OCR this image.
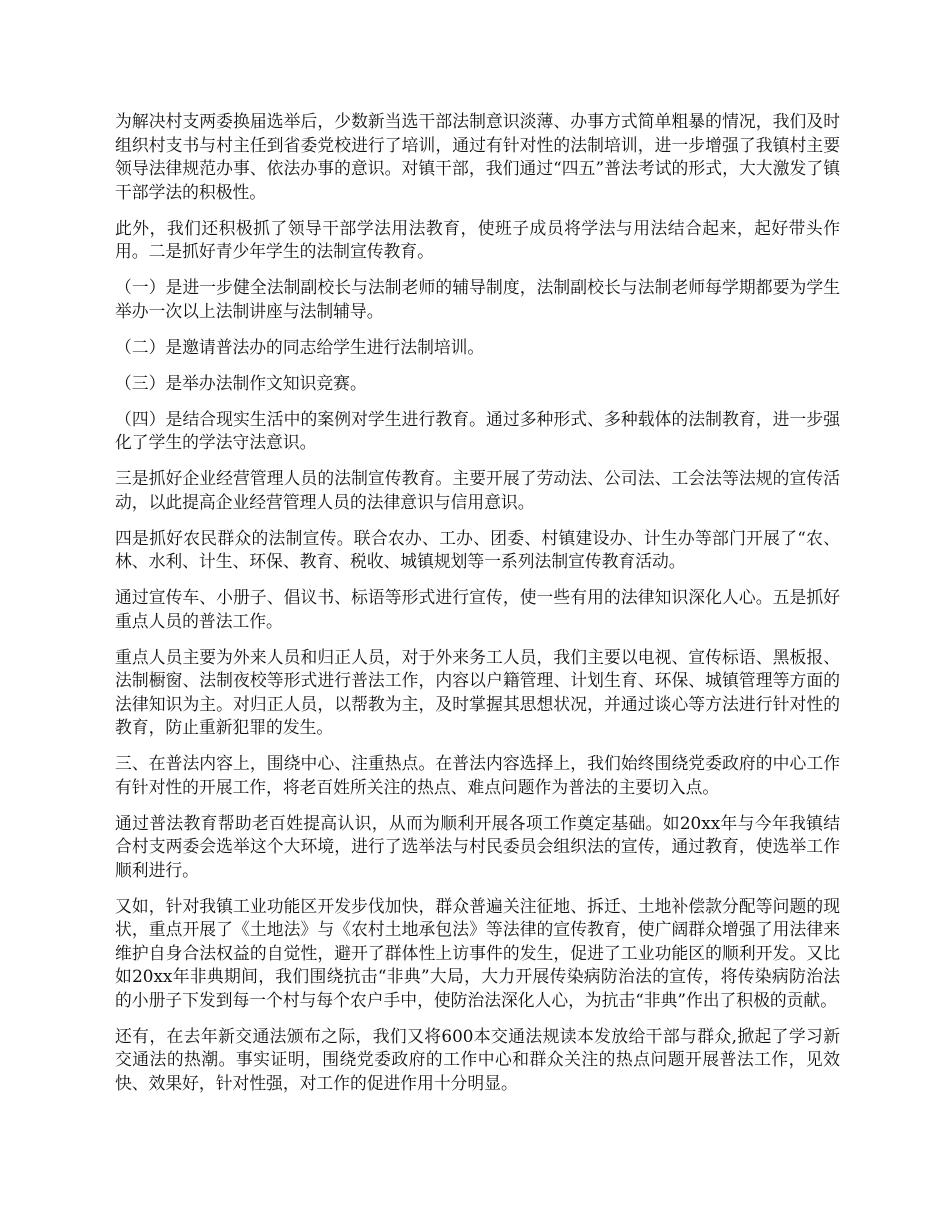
为解决村支两委换届选举后，少数新当选干部法制意识淡薄、办事方式简单粗暴的情况，我们及时组织村支书与村主任到省委党校进行了培训，通过有针对性的法制培训，进一步增强了我镇村主要领导法律规范办事、依法办事的意识。对镇干部，我们通过“四五”普法考试的形式，大大激发了镇干部学法的积极性。

此外，我们还积极抓了领导干部学法用法教育，使班子成员将学法与用法结合起来，起好带头作用。二是抓好青少年学生的法制宣传教育。

（一）是进一步健全法制副校长与法制老师的辅导制度，法制副校长与法制老师每学期都要为学生举办一次以上法制讲座与法制辅导。

（二）是邀请普法办的同志给学生进行法制培训。

（三）是举办法制作文知识竞赛。

（四）是结合现实生活中的案例对学生进行教育。通过多种形式、多种载体的法制教育，进一步强化了学生的学法守法意识。

三是抓好企业经营管理人员的法制宣传教育。主要开展了劳动法、公司法、工会法等法规的宣传活动，以此提高企业经营管理人员的法律意识与信用意识。

四是抓好农民群众的法制宣传。联合农办、工办、团委、村镇建设办、计生办等部门开展了“农、林、水利、计生、环保、教育、税收、城镇规划等一系列法制宣传教育活动。

通过宣传车、小册子、倡议书、标语等形式进行宣传，使一些有用的法律知识深化人心。五是抓好重点人员的普法工作。

重点人员主要为外来人员和归正人员，对于外来务工人员，我们主要以电视、宣传标语、黑板报、法制橱窗、法制夜校等形式进行普法工作，内容以户籍管理、计划生育、环保、城镇管理等方面的法律知识为主。对归正人员，以帮教为主，及时掌握其思想状况，并通过谈心等方法进行针对性的教育，防止重新犯罪的发生。

三、在普法内容上，围绕中心、注重热点。在普法内容选择上，我们始终围绕党委政府的中心工作有针对性的开展工作，将老百姓所关注的热点、难点问题作为普法的主要切入点。

通过普法教育帮助老百姓提高认识，从而为顺利开展各项工作奠定基础。如20xx年与今年我镇结合村支两委会选举这个大环境，进行了选举法与村民委员会组织法的宣传，通过教育，使选举工作顺利进行。

又如，针对我镇工业功能区开发步伐加快，群众普遍关注征地、拆迁、土地补偿款分配等问题的现状，重点开展了《土地法》与《农村土地承包法》等法律的宣传教育，使广阔群众增强了用法律来维护自身合法权益的自觉性，避开了群体性上访事件的发生，促进了工业功能区的顺利开发。又比如20xx年非典期间，我们围绕抗击“非典”大局，大力开展传染病防治法的宣传，将传染病防治法的小册子下发到每一个村与每个农户手中，使防治法深化人心，为抗击“非典”作出了积极的贡献。

还有，在去年新交通法颁布之际，我们又将600本交通法规读本发放给干部与群众,掀起了学习新交通法的热潮。事实证明，围绕党委政府的工作中心和群众关注的热点问题开展普法工作，见效快、效果好，针对性强，对工作的促进作用十分明显。
